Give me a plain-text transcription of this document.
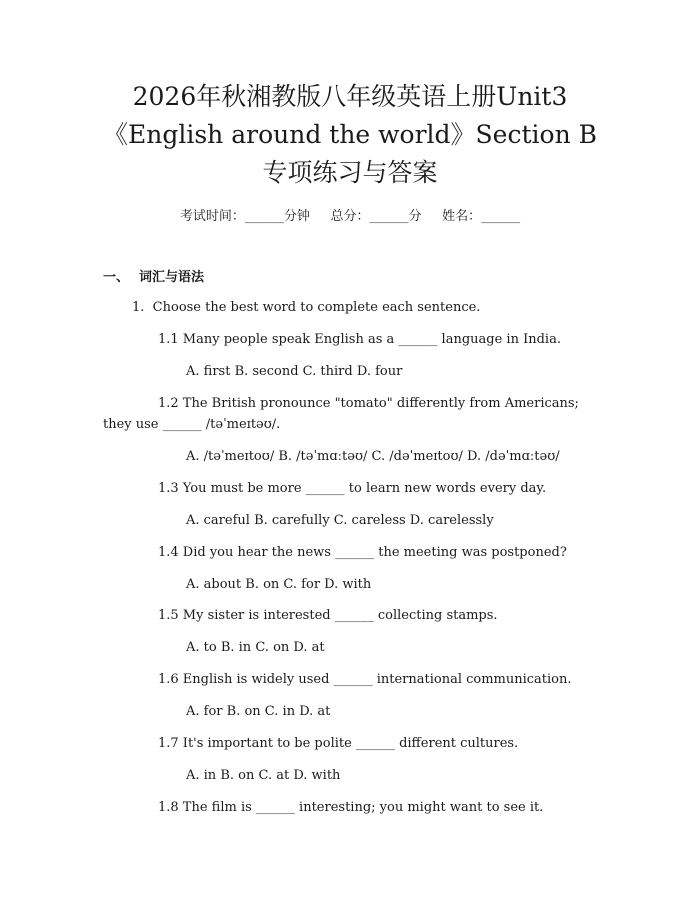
2026年秋湘教版八年级英语上册Unit3
《English around the world》Section B
专项练习与答案
考试时间：______分钟     总分：______分     姓名：______
一、 词汇与语法
1.  Choose the best word to complete each sentence.
1.1 Many people speak English as a ______ language in India.
A. first B. second C. third D. four
1.2 The British pronounce "tomato" differently from Americans;
they use ______ /təˈmeɪtəʊ/.
A. /təˈmeɪtoʊ/ B. /təˈmɑːtəʊ/ C. /dəˈmeɪtoʊ/ D. /dəˈmɑːtəʊ/
1.3 You must be more ______ to learn new words every day.
A. careful B. carefully C. careless D. carelessly
1.4 Did you hear the news ______ the meeting was postponed?
A. about B. on C. for D. with
1.5 My sister is interested ______ collecting stamps.
A. to B. in C. on D. at
1.6 English is widely used ______ international communication.
A. for B. on C. in D. at
1.7 It's important to be polite ______ different cultures.
A. in B. on C. at D. with
1.8 The film is ______ interesting; you might want to see it.
